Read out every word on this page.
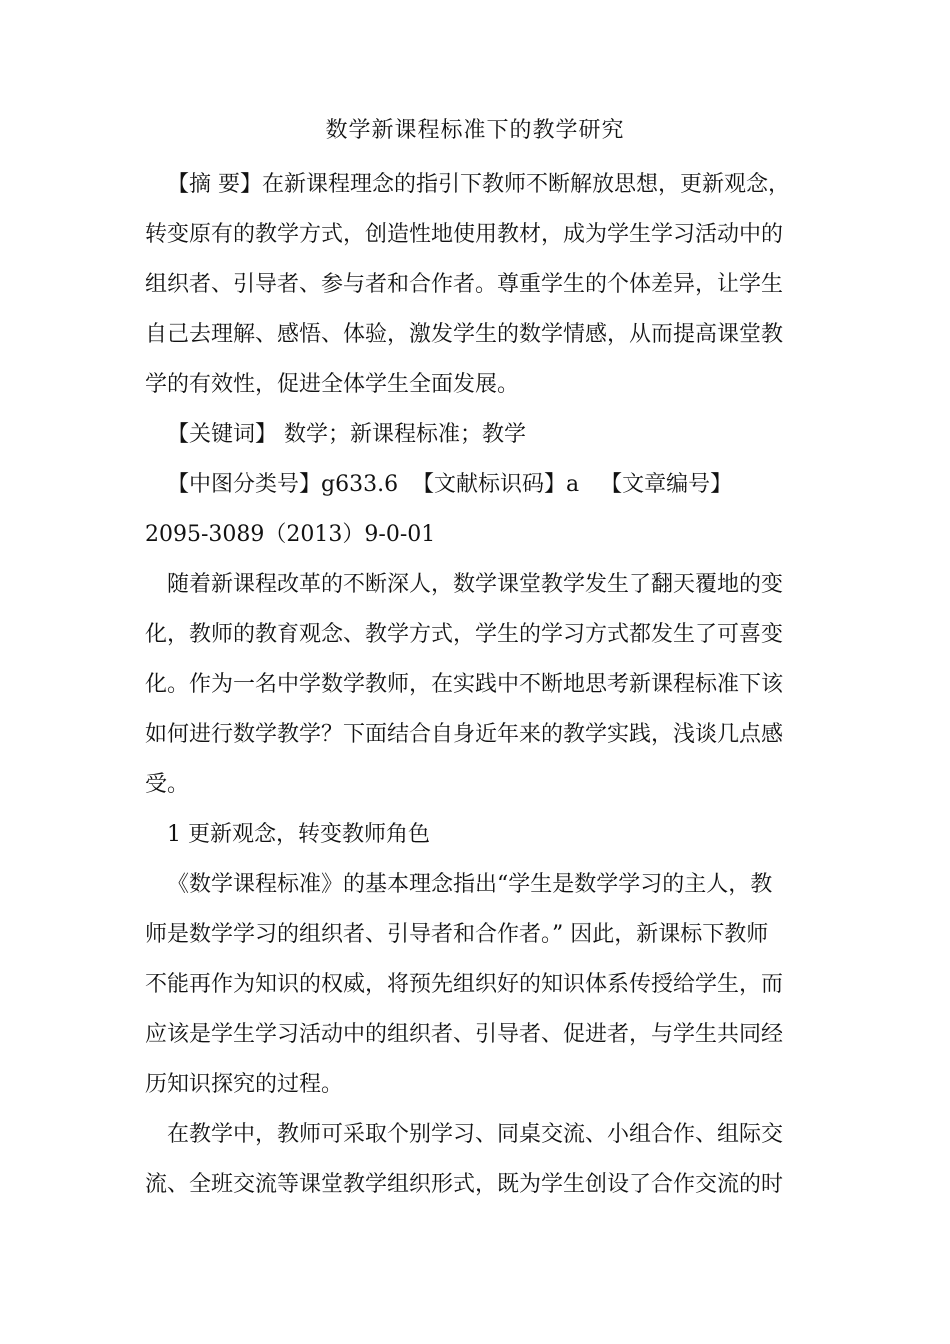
数学新课程标准下的教学研究
【摘 要】在新课程理念的指引下教师不断解放思想，更新观念，
转变原有的教学方式，创造性地使用教材，成为学生学习活动中的
组织者、引导者、参与者和合作者。尊重学生的个体差异，让学生
自己去理解、感悟、体验，激发学生的数学情感，从而提高课堂教
学的有效性，促进全体学生全面发展。
【关键词】 数学；新课程标准；教学
【中图分类号】g633.6  【文献标识码】a   【文章编号】
2095-3089（2013）9-0-01
随着新课程改革的不断深人，数学课堂教学发生了翻天覆地的变
化，教师的教育观念、教学方式，学生的学习方式都发生了可喜变
化。作为一名中学数学教师，在实践中不断地思考新课程标准下该
如何进行数学教学？下面结合自身近年来的教学实践，浅谈几点感
受。
1 更新观念，转变教师角色
《数学课程标准》的基本理念指出“学生是数学学习的主人，教
师是数学学习的组织者、引导者和合作者。” 因此，新课标下教师
不能再作为知识的权威，将预先组织好的知识体系传授给学生，而
应该是学生学习活动中的组织者、引导者、促进者，与学生共同经
历知识探究的过程。
在教学中，教师可采取个别学习、同桌交流、小组合作、组际交
流、全班交流等课堂教学组织形式，既为学生创设了合作交流的时
